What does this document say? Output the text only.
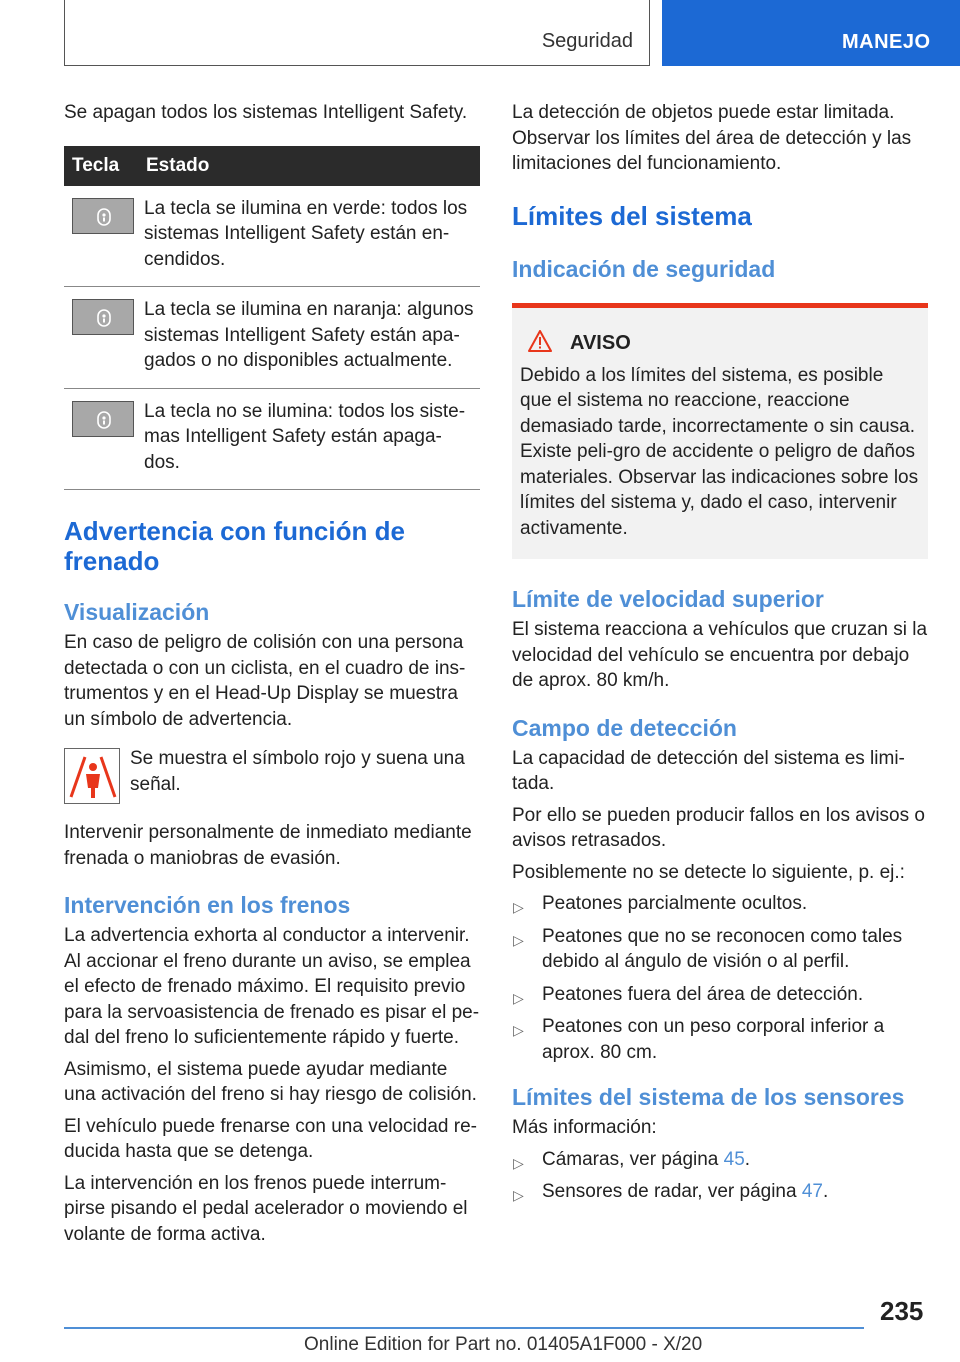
Seguridad	MANEJO

Se apagan todos los sistemas Intelligent Safety.

Tecla	Estado

	La tecla se ilumina en verde: todos los sistemas Intelligent Safety están en‐cendidos.

	La tecla se ilumina en naranja: algunos sistemas Intelligent Safety están apa‐gados o no disponibles actualmente.

	La tecla no se ilumina: todos los siste‐mas Intelligent Safety están apaga‐dos.
Advertencia con función de frenado
Visualización

En caso de peligro de colisión con una persona detectada o con un ciclista, en el cuadro de ins‐trumentos y en el Head-Up Display se muestra un símbolo de advertencia.

Se muestra el símbolo rojo y suena una señal.

Intervenir personalmente de inmediato mediante frenada o maniobras de evasión.

Intervención en los frenos

La advertencia exhorta al conductor a intervenir. Al accionar el freno durante un aviso, se emplea el efecto de frenado máximo. El requisito previo para la servoasistencia de frenado es pisar el pe‐dal del freno lo suficientemente rápido y fuerte.

Asimismo, el sistema puede ayudar mediante una activación del freno si hay riesgo de colisión.

El vehículo puede frenarse con una velocidad re‐ducida hasta que se detenga.

La intervención en los frenos puede interrum‐pirse pisando el pedal acelerador o moviendo el volante de forma activa.

La detección de objetos puede estar limitada. Observar los límites del área de detección y las limitaciones del funcionamiento.

Límites del sistema
Indicación de seguridad
AVISO

Debido a los límites del sistema, es posible que el sistema no reaccione, reaccione demasiado tarde, incorrectamente o sin causa. Existe peli‐gro de accidente o peligro de daños materiales. Observar las indicaciones sobre los límites del sistema y, dado el caso, intervenir activamente.

Límite de velocidad superior

El sistema reacciona a vehículos que cruzan si la velocidad del vehículo se encuentra por debajo de aprox. 80 km/h.

Campo de detección

La capacidad de detección del sistema es limi‐tada.

Por ello se pueden producir fallos en los avisos o avisos retrasados.

Posiblemente no se detecte lo siguiente, p. ej.:

▷ Peatones parcialmente ocultos.
▷ Peatones que no se reconocen como tales debido al ángulo de visión o al perfil.
▷ Peatones fuera del área de detección.
▷ Peatones con un peso corporal inferior a aprox. 80 cm.
Límites del sistema de los sensores

Más información:

▷ Cámaras, ver página 45.
▷ Sensores de radar, ver página 47.
235
Online Edition for Part no. 01405A1F000 - X/20
